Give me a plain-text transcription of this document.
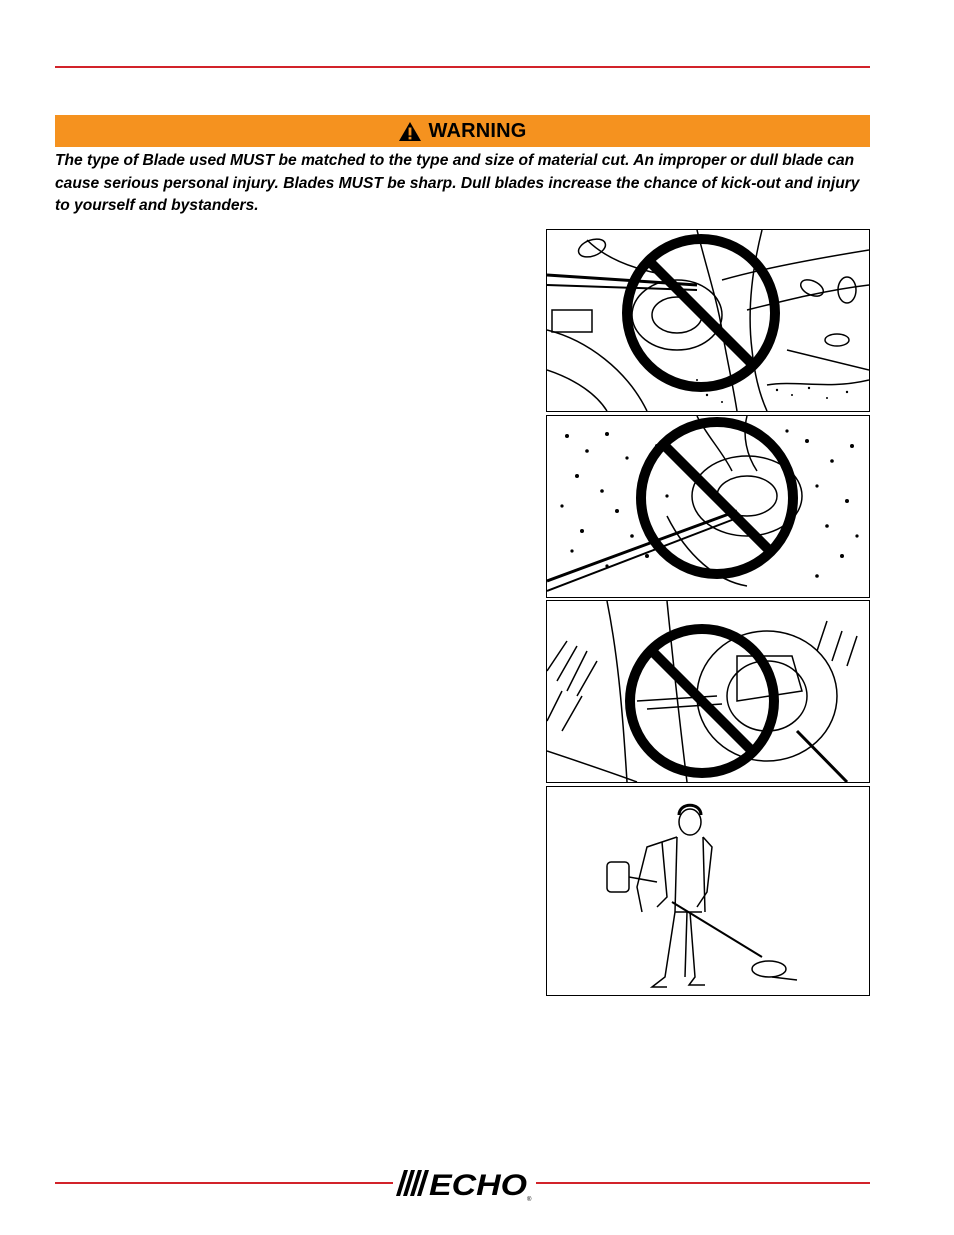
WARNING

The type of Blade used MUST be matched to the type and size of material cut. An improper or dull blade can cause serious personal injury. Blades MUST be sharp. Dull blades increase the chance of kick-out and injury to yourself and bystanders.

ECHO ®
